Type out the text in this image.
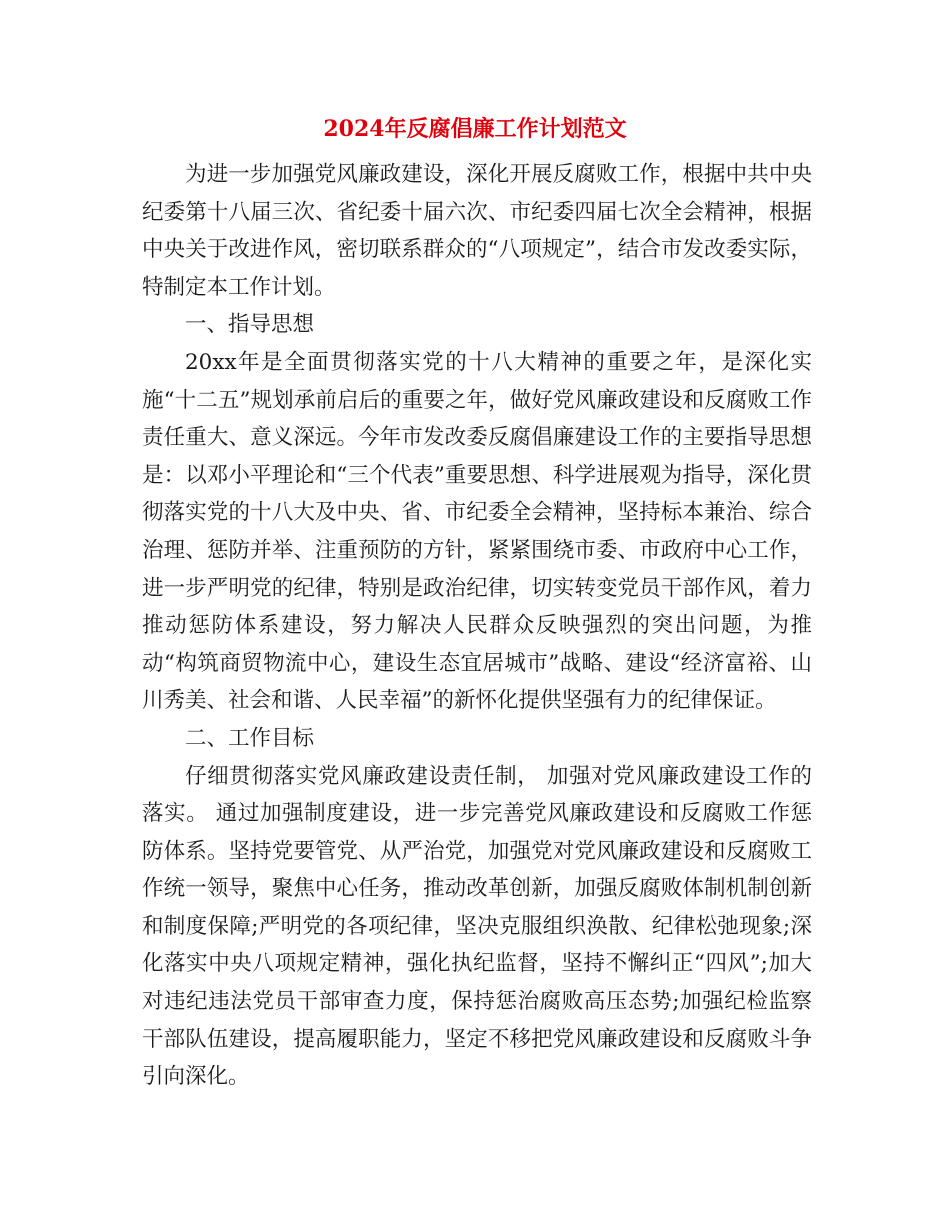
2024年反腐倡廉工作计划范文

为进一步加强党风廉政建设，深化开展反腐败工作，根据中共中央纪委第十八届三次、省纪委十届六次、市纪委四届七次全会精神，根据中央关于改进作风，密切联系群众的“八项规定”，结合市发改委实际，特制定本工作计划。

一、指导思想

20xx年是全面贯彻落实党的十八大精神的重要之年，是深化实施“十二五”规划承前启后的重要之年，做好党风廉政建设和反腐败工作责任重大、意义深远。今年市发改委反腐倡廉建设工作的主要指导思想是：以邓小平理论和“三个代表”重要思想、科学进展观为指导，深化贯彻落实党的十八大及中央、省、市纪委全会精神，坚持标本兼治、综合治理、惩防并举、注重预防的方针，紧紧围绕市委、市政府中心工作，进一步严明党的纪律，特别是政治纪律，切实转变党员干部作风，着力推动惩防体系建设，努力解决人民群众反映强烈的突出问题，为推动“构筑商贸物流中心，建设生态宜居城市”战略、建设“经济富裕、山川秀美、社会和谐、人民幸福”的新怀化提供坚强有力的纪律保证。

二、工作目标

仔细贯彻落实党风廉政建设责任制， 加强对党风廉政建设工作的落实。 通过加强制度建设，进一步完善党风廉政建设和反腐败工作惩防体系。坚持党要管党、从严治党，加强党对党风廉政建设和反腐败工作统一领导，聚焦中心任务，推动改革创新，加强反腐败体制机制创新和制度保障;严明党的各项纪律，坚决克服组织涣散、纪律松弛现象;深化落实中央八项规定精神，强化执纪监督，坚持不懈纠正“四风”;加大对违纪违法党员干部审查力度，保持惩治腐败高压态势;加强纪检监察干部队伍建设，提高履职能力，坚定不移把党风廉政建设和反腐败斗争引向深化。
